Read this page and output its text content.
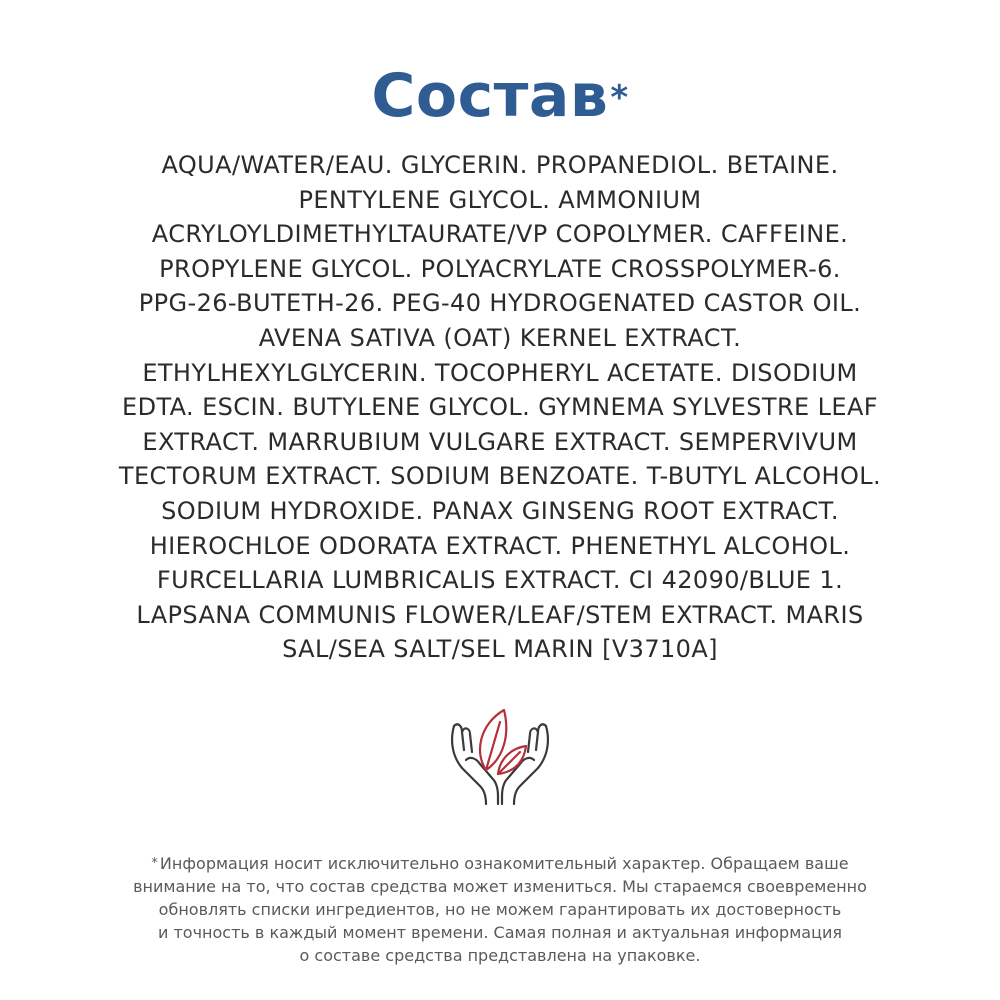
Состав*
AQUA/WATER/EAU. GLYCERIN. PROPANEDIOL. BETAINE.
PENTYLENE GLYCOL. AMMONIUM
ACRYLOYLDIMETHYLTAURATE/VP COPOLYMER. CAFFEINE.
PROPYLENE GLYCOL. POLYACRYLATE CROSSPOLYMER-6.
PPG-26-BUTETH-26. PEG-40 HYDROGENATED CASTOR OIL.
AVENA SATIVA (OAT) KERNEL EXTRACT.
ETHYLHEXYLGLYCERIN. TOCOPHERYL ACETATE. DISODIUM
EDTA. ESCIN. BUTYLENE GLYCOL. GYMNEMA SYLVESTRE LEAF
EXTRACT. MARRUBIUM VULGARE EXTRACT. SEMPERVIVUM
TECTORUM EXTRACT. SODIUM BENZOATE. T-BUTYL ALCOHOL.
SODIUM HYDROXIDE. PANAX GINSENG ROOT EXTRACT.
HIEROCHLOE ODORATA EXTRACT. PHENETHYL ALCOHOL.
FURCELLARIA LUMBRICALIS EXTRACT. CI 42090/BLUE 1.
LAPSANA COMMUNIS FLOWER/LEAF/STEM EXTRACT. MARIS
SAL/SEA SALT/SEL MARIN [V3710A]
* Информация носит исключительно ознакомительный характер. Обращаем ваше
внимание на то, что состав средства может измениться. Мы стараемся своевременно
обновлять списки ингредиентов, но не можем гарантировать их достоверность
и точность в каждый момент времени. Самая полная и актуальная информация
о составе средства представлена на упаковке.
